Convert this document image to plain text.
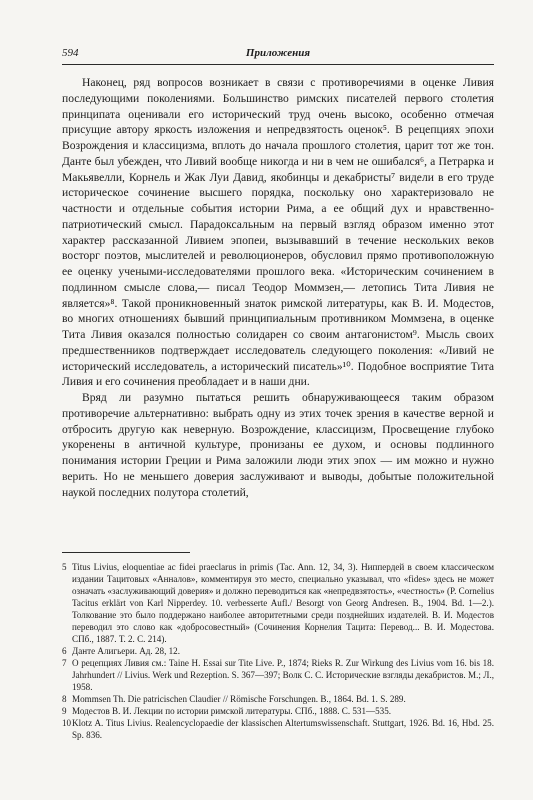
594	Приложения

Наконец, ряд вопросов возникает в связи с противоречиями в оценке Ливия последующими поколениями. Большинство римских писателей первого столетия принципата оценивали его исторический труд очень высоко, особенно отмечая присущие автору яркость изложения и непредвзятость оценок⁵. В рецепциях эпохи Возрождения и классицизма, вплоть до начала прошлого столетия, царит тот же тон. Данте был убежден, что Ливий вообще никогда и ни в чем не ошибался⁶, а Петрарка и Макьявелли, Корнель и Жак Луи Давид, якобинцы и декабристы⁷ видели в его труде историческое сочинение высшего порядка, поскольку оно характеризовало не частности и отдельные события истории Рима, а ее общий дух и нравственно-патриотический смысл. Парадоксальным на первый взгляд образом именно этот характер рассказанной Ливием эпопеи, вызывавший в течение нескольких веков восторг поэтов, мыслителей и революционеров, обусловил прямо противоположную ее оценку учеными-исследователями прошлого века. «Историческим сочинением в подлинном смысле слова,— писал Теодор Моммзен,— летопись Тита Ливия не является»⁸. Такой проникновенный знаток римской литературы, как В. И. Модестов, во многих отношениях бывший принципиальным противником Моммзена, в оценке Тита Ливия оказался полностью солидарен со своим антагонистом⁹. Мысль своих предшественников подтверждает исследователь следующего поколения: «Ливий не исторический исследователь, а исторический писатель»¹⁰. Подобное восприятие Тита Ливия и его сочинения преобладает и в наши дни.

Вряд ли разумно пытаться решить обнаруживающееся таким образом противоречие альтернативно: выбрать одну из этих точек зрения в качестве верной и отбросить другую как неверную. Возрождение, классицизм, Просвещение глубоко укоренены в античной культуре, пронизаны ее духом, и основы подлинного понимания истории Греции и Рима заложили люди этих эпох — им можно и нужно верить. Но не меньшего доверия заслуживают и выводы, добытые положительной наукой последних полутора столетий,

5 Titus Livius, eloquentiae ac fidei praeclarus in primis (Tac. Ann. 12, 34, 3). Ниппердей в своем классическом издании Тацитовых «Анналов», комментируя это место, специально указывал, что «fides» здесь не может означать «заслуживающий доверия» и должно переводиться как «непредвзятость», «честность» (P. Cornelius Tacitus erklärt von Karl Nipperdey. 10. verbesserte Aufl./ Besorgt von Georg Andresen. B., 1904. Bd. 1—2.). Толкование это было поддержано наиболее авторитетными среди позднейших издателей. В. И. Модестов переводил это слово как «добросовестный» (Сочинения Корнелия Тацита: Перевод... В. И. Модестова. СПб., 1887. Т. 2. С. 214).
6 Данте Алигьери. Ад. 28, 12.
7 О рецепциях Ливия см.: Taine H. Essai sur Tite Live. P., 1874; Rieks R. Zur Wirkung des Livius vom 16. bis 18. Jahrhundert // Livius. Werk und Rezeption. S. 367—397; Волк С. С. Исторические взгляды декабристов. М.; Л., 1958.
8 Mommsen Th. Die patricischen Claudier // Römische Forschungen. B., 1864. Bd. 1. S. 289.
9 Модестов В. И. Лекции по истории римской литературы. СПб., 1888. С. 531—535.
10 Klotz A. Titus Livius. Realencyclopaedie der klassischen Altertumswissenschaft. Stuttgart, 1926. Bd. 16, Hbd. 25. Sp. 836.
